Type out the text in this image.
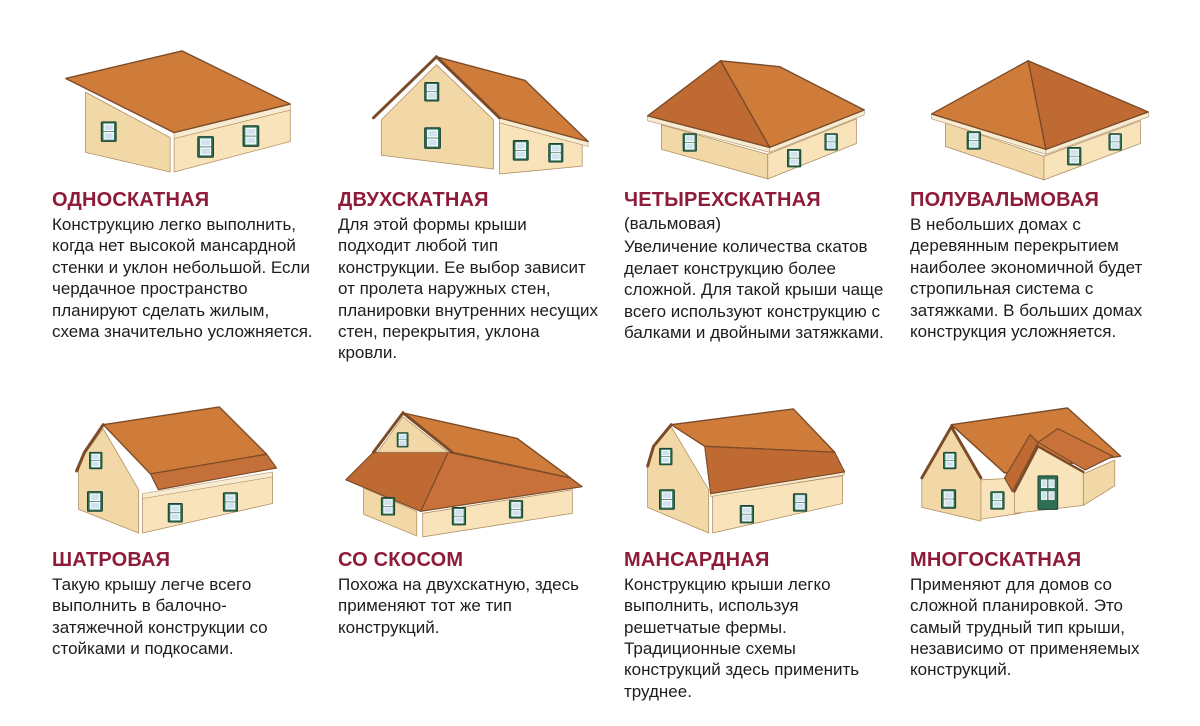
ОДНОСКАТНАЯ

Конструкцию легко выполнить, когда нет высокой мансардной стенки и уклон небольшой. Если чердачное пространство планируют сделать жилым, схема значительно усложняется.

ДВУХСКАТНАЯ

Для этой формы крыши подходит любой тип конструкции. Ее выбор зависит от пролета наружных стен, планировки внутренних несущих стен, перекрытия, уклона кровли.

ЧЕТЫРЕХСКАТНАЯ
(вальмовая)

Увеличение количества скатов делает конструкцию более сложной. Для такой крыши чаще всего используют конструкцию с балками и двойными затяжками.

ПОЛУВАЛЬМОВАЯ

В небольших домах с деревянным перекрытием наиболее экономичной будет стропильная система с затяжками. В больших домах конструкция усложняется.

ШАТРОВАЯ

Такую крышу легче всего выполнить в балочно-затяжечной конструкции со стойками и подкосами.

СО СКОСОМ

Похожа на двухскатную, здесь применяют тот же тип конструкций.

МАНСАРДНАЯ

Конструкцию крыши легко выполнить, используя решетчатые фермы. Традиционные схемы конструкций здесь применить труднее.

МНОГОСКАТНАЯ

Применяют для домов со сложной планировкой. Это самый трудный тип крыши, независимо от применяемых конструкций.
